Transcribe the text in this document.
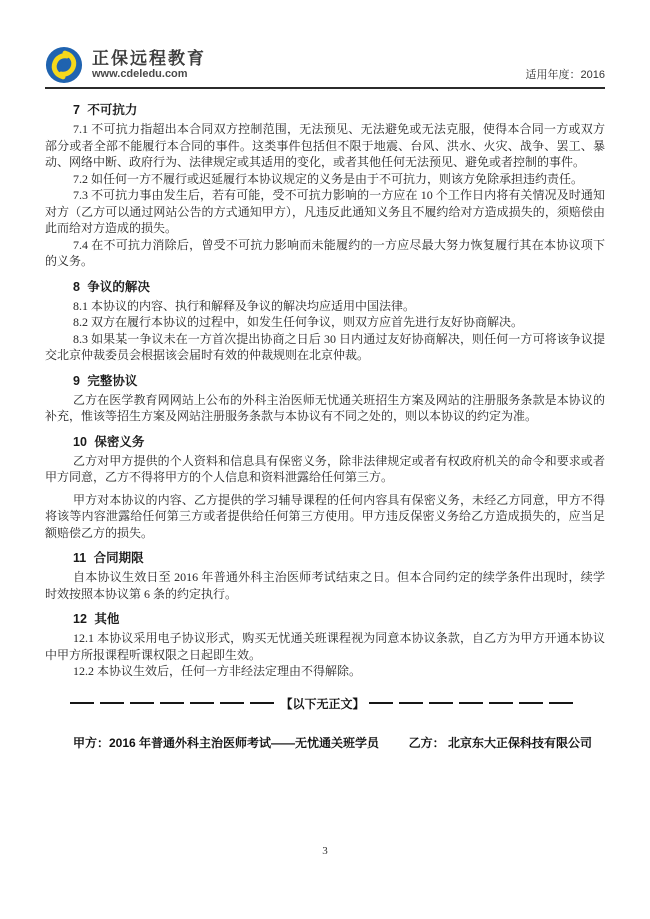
正保远程教育
www.cdeledu.com	适用年度：2016
7 不可抗力

7.1 不可抗力指超出本合同双方控制范围，无法预见、无法避免或无法克服，使得本合同一方或双方部分或者全部不能履行本合同的事件。这类事件包括但不限于地震、台风、洪水、火灾、战争、罢工、暴动、网络中断、政府行为、法律规定或其适用的变化，或者其他任何无法预见、避免或者控制的事件。

7.2 如任何一方不履行或迟延履行本协议规定的义务是由于不可抗力，则该方免除承担违约责任。

7.3 不可抗力事由发生后，若有可能，受不可抗力影响的一方应在 10 个工作日内将有关情况及时通知对方（乙方可以通过网站公告的方式通知甲方），凡违反此通知义务且不履约给对方造成损失的，须赔偿由此而给对方造成的损失。

7.4 在不可抗力消除后，曾受不可抗力影响而未能履约的一方应尽最大努力恢复履行其在本协议项下的义务。

8 争议的解决

8.1 本协议的内容、执行和解释及争议的解决均应适用中国法律。

8.2 双方在履行本协议的过程中，如发生任何争议，则双方应首先进行友好协商解决。

8.3 如果某一争议未在一方首次提出协商之日后 30 日内通过友好协商解决，则任何一方可将该争议提交北京仲裁委员会根据该会届时有效的仲裁规则在北京仲裁。

9 完整协议

乙方在医学教育网网站上公布的外科主治医师无忧通关班招生方案及网站的注册服务条款是本协议的补充，惟该等招生方案及网站注册服务条款与本协议有不同之处的，则以本协议的约定为准。

10 保密义务

乙方对甲方提供的个人资料和信息具有保密义务，除非法律规定或者有权政府机关的命令和要求或者甲方同意，乙方不得将甲方的个人信息和资料泄露给任何第三方。

甲方对本协议的内容、乙方提供的学习辅导课程的任何内容具有保密义务，未经乙方同意，甲方不得将该等内容泄露给任何第三方或者提供给任何第三方使用。甲方违反保密义务给乙方造成损失的，应当足额赔偿乙方的损失。

11 合同期限

自本协议生效日至 2016 年普通外科主治医师考试结束之日。但本合同约定的续学条件出现时，续学时效按照本协议第 6 条的约定执行。

12 其他

12.1 本协议采用电子协议形式，购买无忧通关班课程视为同意本协议条款，自乙方为甲方开通本协议中甲方所报课程听课权限之日起即生效。

12.2 本协议生效后，任何一方非经法定理由不得解除。

【以下无正文】
甲方：2016 年普通外科主治医师考试——无忧通关班学员 乙方： 北京东大正保科技有限公司
3
